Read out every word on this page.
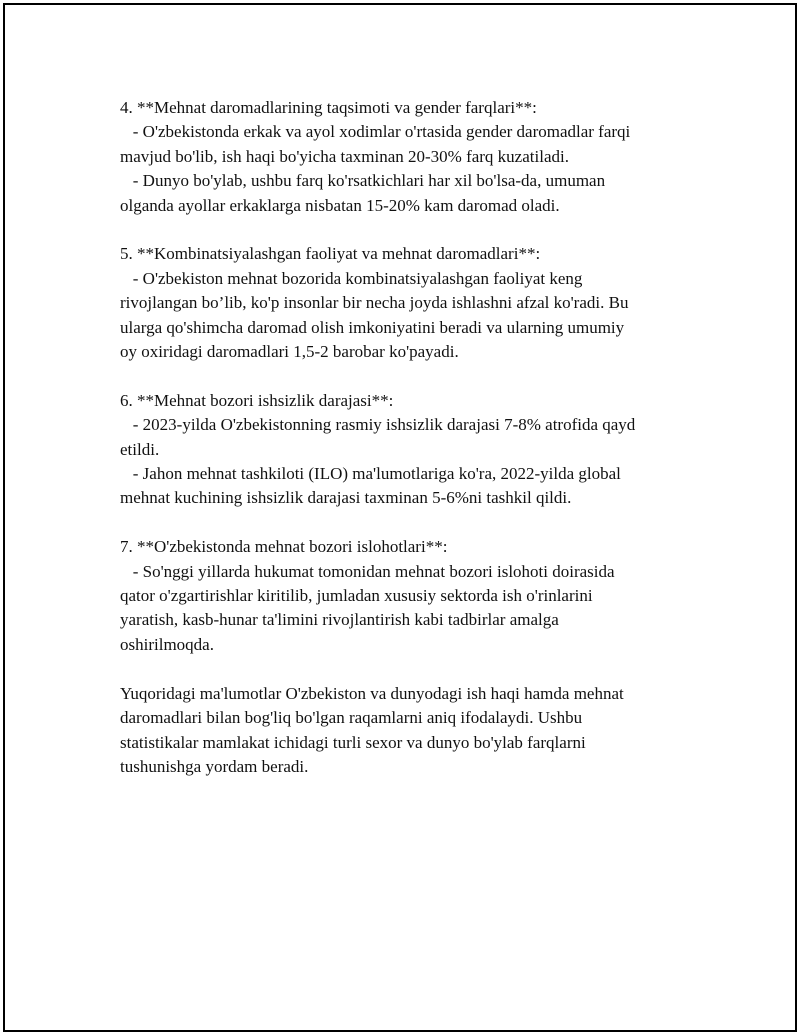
4. **Mehnat daromadlarining taqsimoti va gender farqlari**:
- O'zbekistonda erkak va ayol xodimlar o'rtasida gender daromadlar farqi
mavjud bo'lib, ish haqi bo'yicha taxminan 20-30% farq kuzatiladi.
- Dunyo bo'ylab, ushbu farq ko'rsatkichlari har xil bo'lsa-da, umuman
olganda ayollar erkaklarga nisbatan 15-20% kam daromad oladi.
5. **Kombinatsiyalashgan faoliyat va mehnat daromadlari**:
- O'zbekiston mehnat bozorida kombinatsiyalashgan faoliyat keng
rivojlangan bo’lib, ko'p insonlar bir necha joyda ishlashni afzal ko'radi. Bu
ularga qo'shimcha daromad olish imkoniyatini beradi va ularning umumiy
oy oxiridagi daromadlari 1,5-2 barobar ko'payadi.
6. **Mehnat bozori ishsizlik darajasi**:
- 2023-yilda O'zbekistonning rasmiy ishsizlik darajasi 7-8% atrofida qayd
etildi.
- Jahon mehnat tashkiloti (ILO) ma'lumotlariga ko'ra, 2022-yilda global
mehnat kuchining ishsizlik darajasi taxminan 5-6%ni tashkil qildi.
7. **O'zbekistonda mehnat bozori islohotlari**:
- So'nggi yillarda hukumat tomonidan mehnat bozori islohoti doirasida
qator o'zgartirishlar kiritilib, jumladan xususiy sektorda ish o'rinlarini
yaratish, kasb-hunar ta'limini rivojlantirish kabi tadbirlar amalga
oshirilmoqda.
Yuqoridagi ma'lumotlar O'zbekiston va dunyodagi ish haqi hamda mehnat
daromadlari bilan bog'liq bo'lgan raqamlarni aniq ifodalaydi. Ushbu
statistikalar mamlakat ichidagi turli sexor va dunyo bo'ylab farqlarni
tushunishga yordam beradi.
